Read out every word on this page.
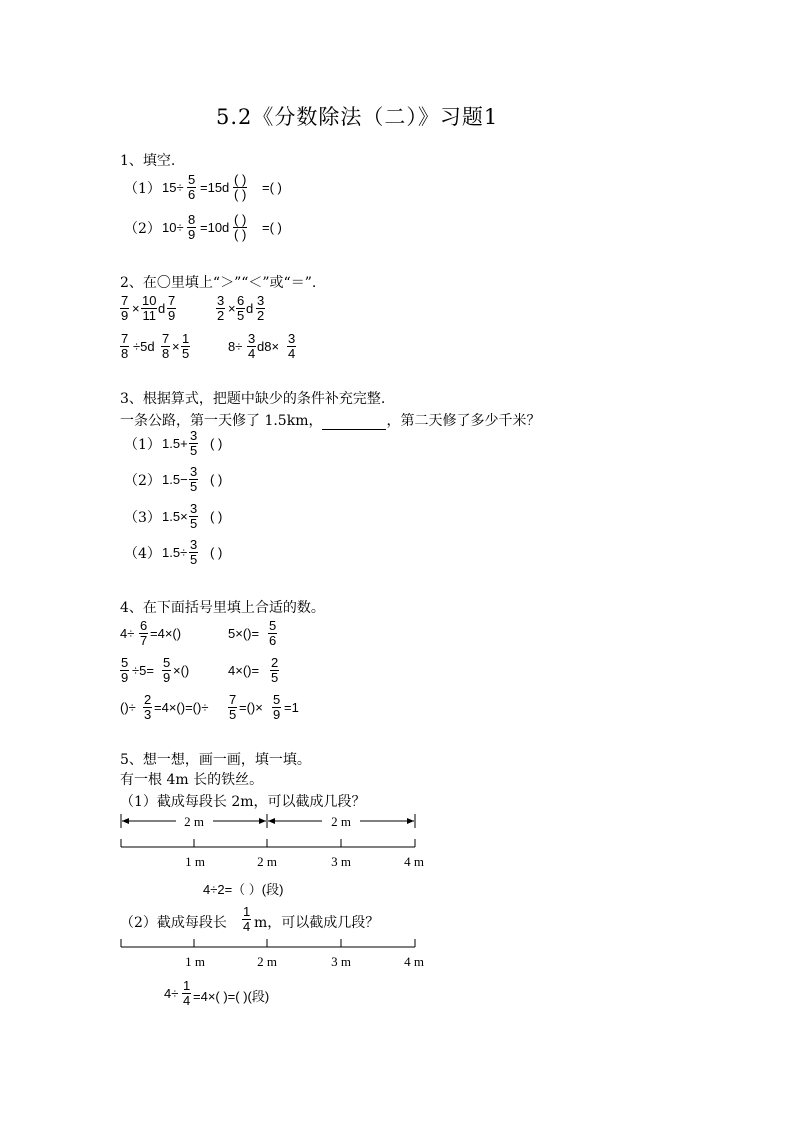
5.2《分数除法（二）》习题1
1、填空.
（1） $15\div \frac{5}{6} =15d$
( )
( ) =( )
（2） $10\div \frac{8}{9} =10d$
( )
( ) =( )
2、在〇里填上“＞”“＜”或“＝”.
$\frac{7}{9} \times \frac{10}{11}$ d $\frac{7}{9}$	$\frac{3}{2} \times \frac{6}{5}$ d $\frac{3}{2}$
$\frac{7}{8} \div 5d \frac{7}{8} \times \frac{1}{5}$	$8\div \frac{3}{4} d8\times \frac{3}{4}$
3、根据算式，把题中缺少的条件补充完整.
一条公路，第一天修了 1.5km，	，第二天修了多少千米？
（1） $1.5+ \frac{3}{5}$ ( )
（2） $1.5- \frac{3}{5}$ ( )
（3） $1.5\times \frac{3}{5}$ ( )
（4） $1.5\div \frac{3}{5}$ ( )
4、在下面括号里填上合适的数。
$4\div \frac{6}{7} =4\times()$	$5\times()= \frac{5}{6}$
$\frac{5}{9} \div 5= \frac{5}{9}$ ×()	$4\times()= \frac{2}{5}$
()÷ $\frac{2}{3} =4\times()=()\div \frac{7}{5}$ =()× $\frac{5}{9} =1$
5、想一想，画一画，填一填。
有一根 4m 长的铁丝。
（1）截成每段长 2m，可以截成几段？
2 m	2 m
1 m	2 m	3 m	4 m
4÷2=（ ）(段)
（2）截成每段长 $\frac{1}{4}$ m，可以截成几段？
1 m	2 m	3 m	4 m
$4\div \frac{1}{4} =4\times$( )=( )(段)
